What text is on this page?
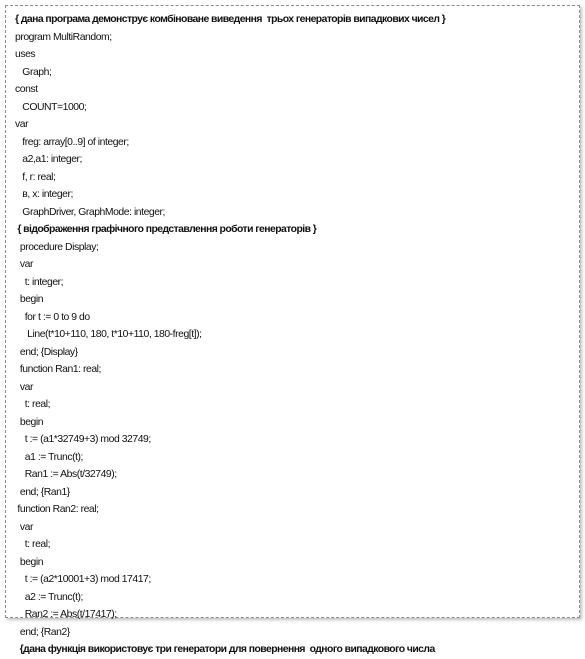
{ дана програма демонструє комбіноване виведення  трьох генераторів випадкових чисел }
program MultiRandom;
uses
Graph;
const
COUNT=1000;
var
freg: array[0..9] of integer;
a2,a1: integer;
f, r: real;
в, х: integer;
GraphDriver, GraphMode: integer;
{ відображення графічного представлення роботи генераторів }
procedure Display;
var
t: integer;
begin
for t := 0 to 9 do
Line(t*10+110, 180, t*10+110, 180-freg[t]);
end; {Display}
function Ran1: real;
var
t: real;
begin
t := (a1*32749+3) mod 32749;
a1 := Trunc(t);
Ran1 := Abs(t/32749);
end; {Ran1}
function Ran2: real;
var
t: real;
begin
t := (a2*10001+3) mod 17417;
a2 := Trunc(t);
Ran2 := Abs(t/17417);
end; {Ran2}
{дана функція використовує три генератори для повернення  одного випадкового числа
